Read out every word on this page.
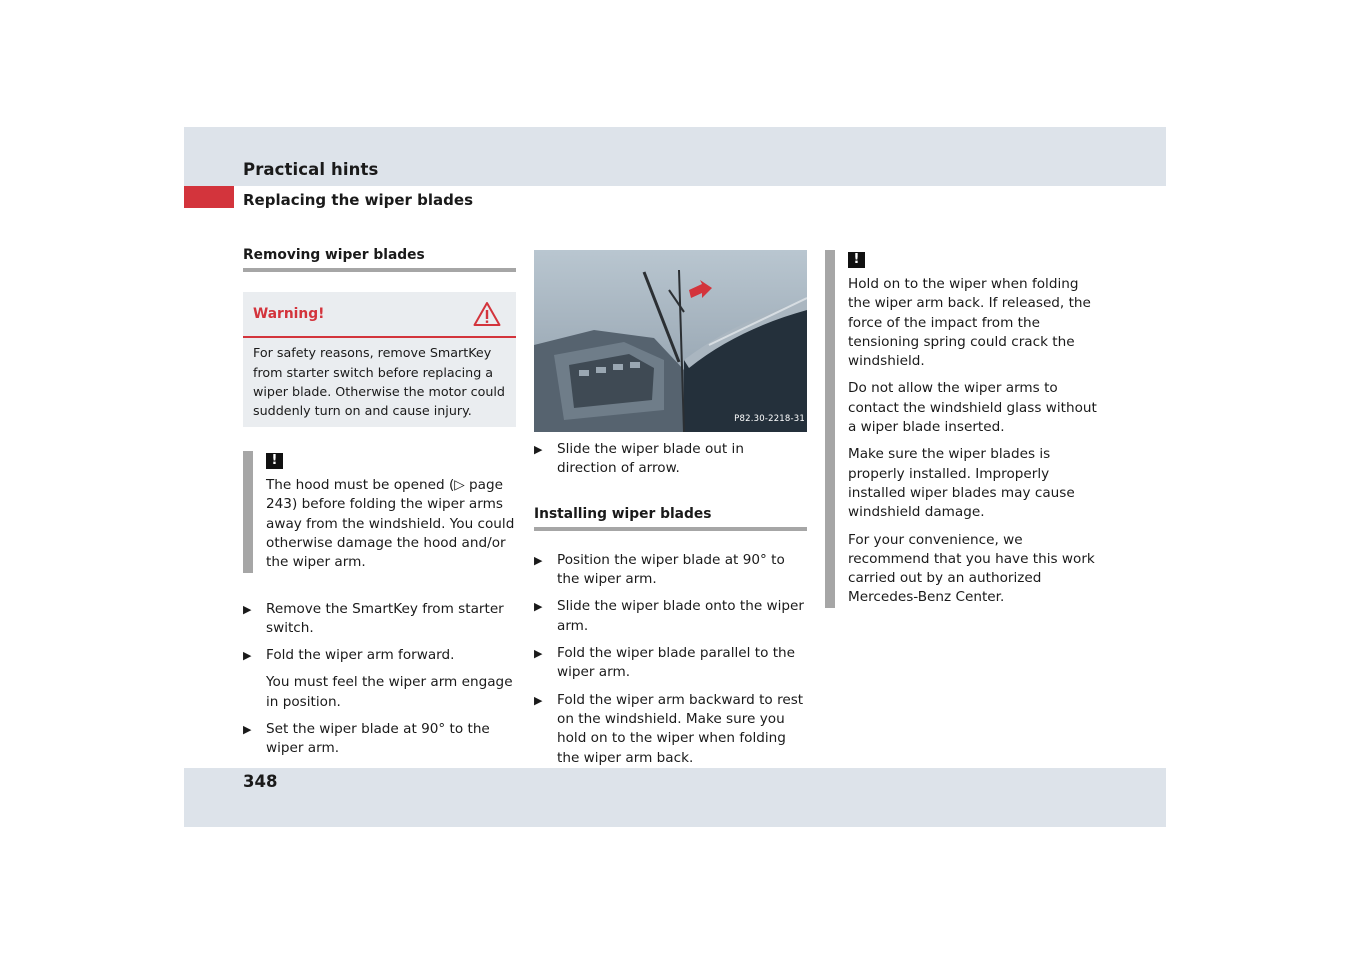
Practical hints
Replacing the wiper blades
Removing wiper blades
Warning!
For safety reasons, remove SmartKey from starter switch before replacing a wiper blade. Otherwise the motor could suddenly turn on and cause injury.
!

The hood must be opened (▷ page 243) before folding the wiper arms away from the windshield. You could otherwise damage the hood and/or the wiper arm.

▶ Remove the SmartKey from starter switch.
▶ Fold the wiper arm forward.
You must feel the wiper arm engage in position.
▶ Set the wiper blade at 90° to the wiper arm.
P82.30-2218-31
▶ Slide the wiper blade out in direction of arrow.
Installing wiper blades
▶ Position the wiper blade at 90° to the wiper arm.
▶ Slide the wiper blade onto the wiper arm.
▶ Fold the wiper blade parallel to the wiper arm.
▶ Fold the wiper arm backward to rest on the windshield. Make sure you hold on to the wiper when folding the wiper arm back.
!

Hold on to the wiper when folding the wiper arm back. If released, the force of the impact from the tensioning spring could crack the windshield.

Do not allow the wiper arms to contact the windshield glass without a wiper blade inserted.

Make sure the wiper blades is properly installed. Improperly installed wiper blades may cause windshield damage.

For your convenience, we recommend that you have this work carried out by an authorized Mercedes-Benz Center.

348
